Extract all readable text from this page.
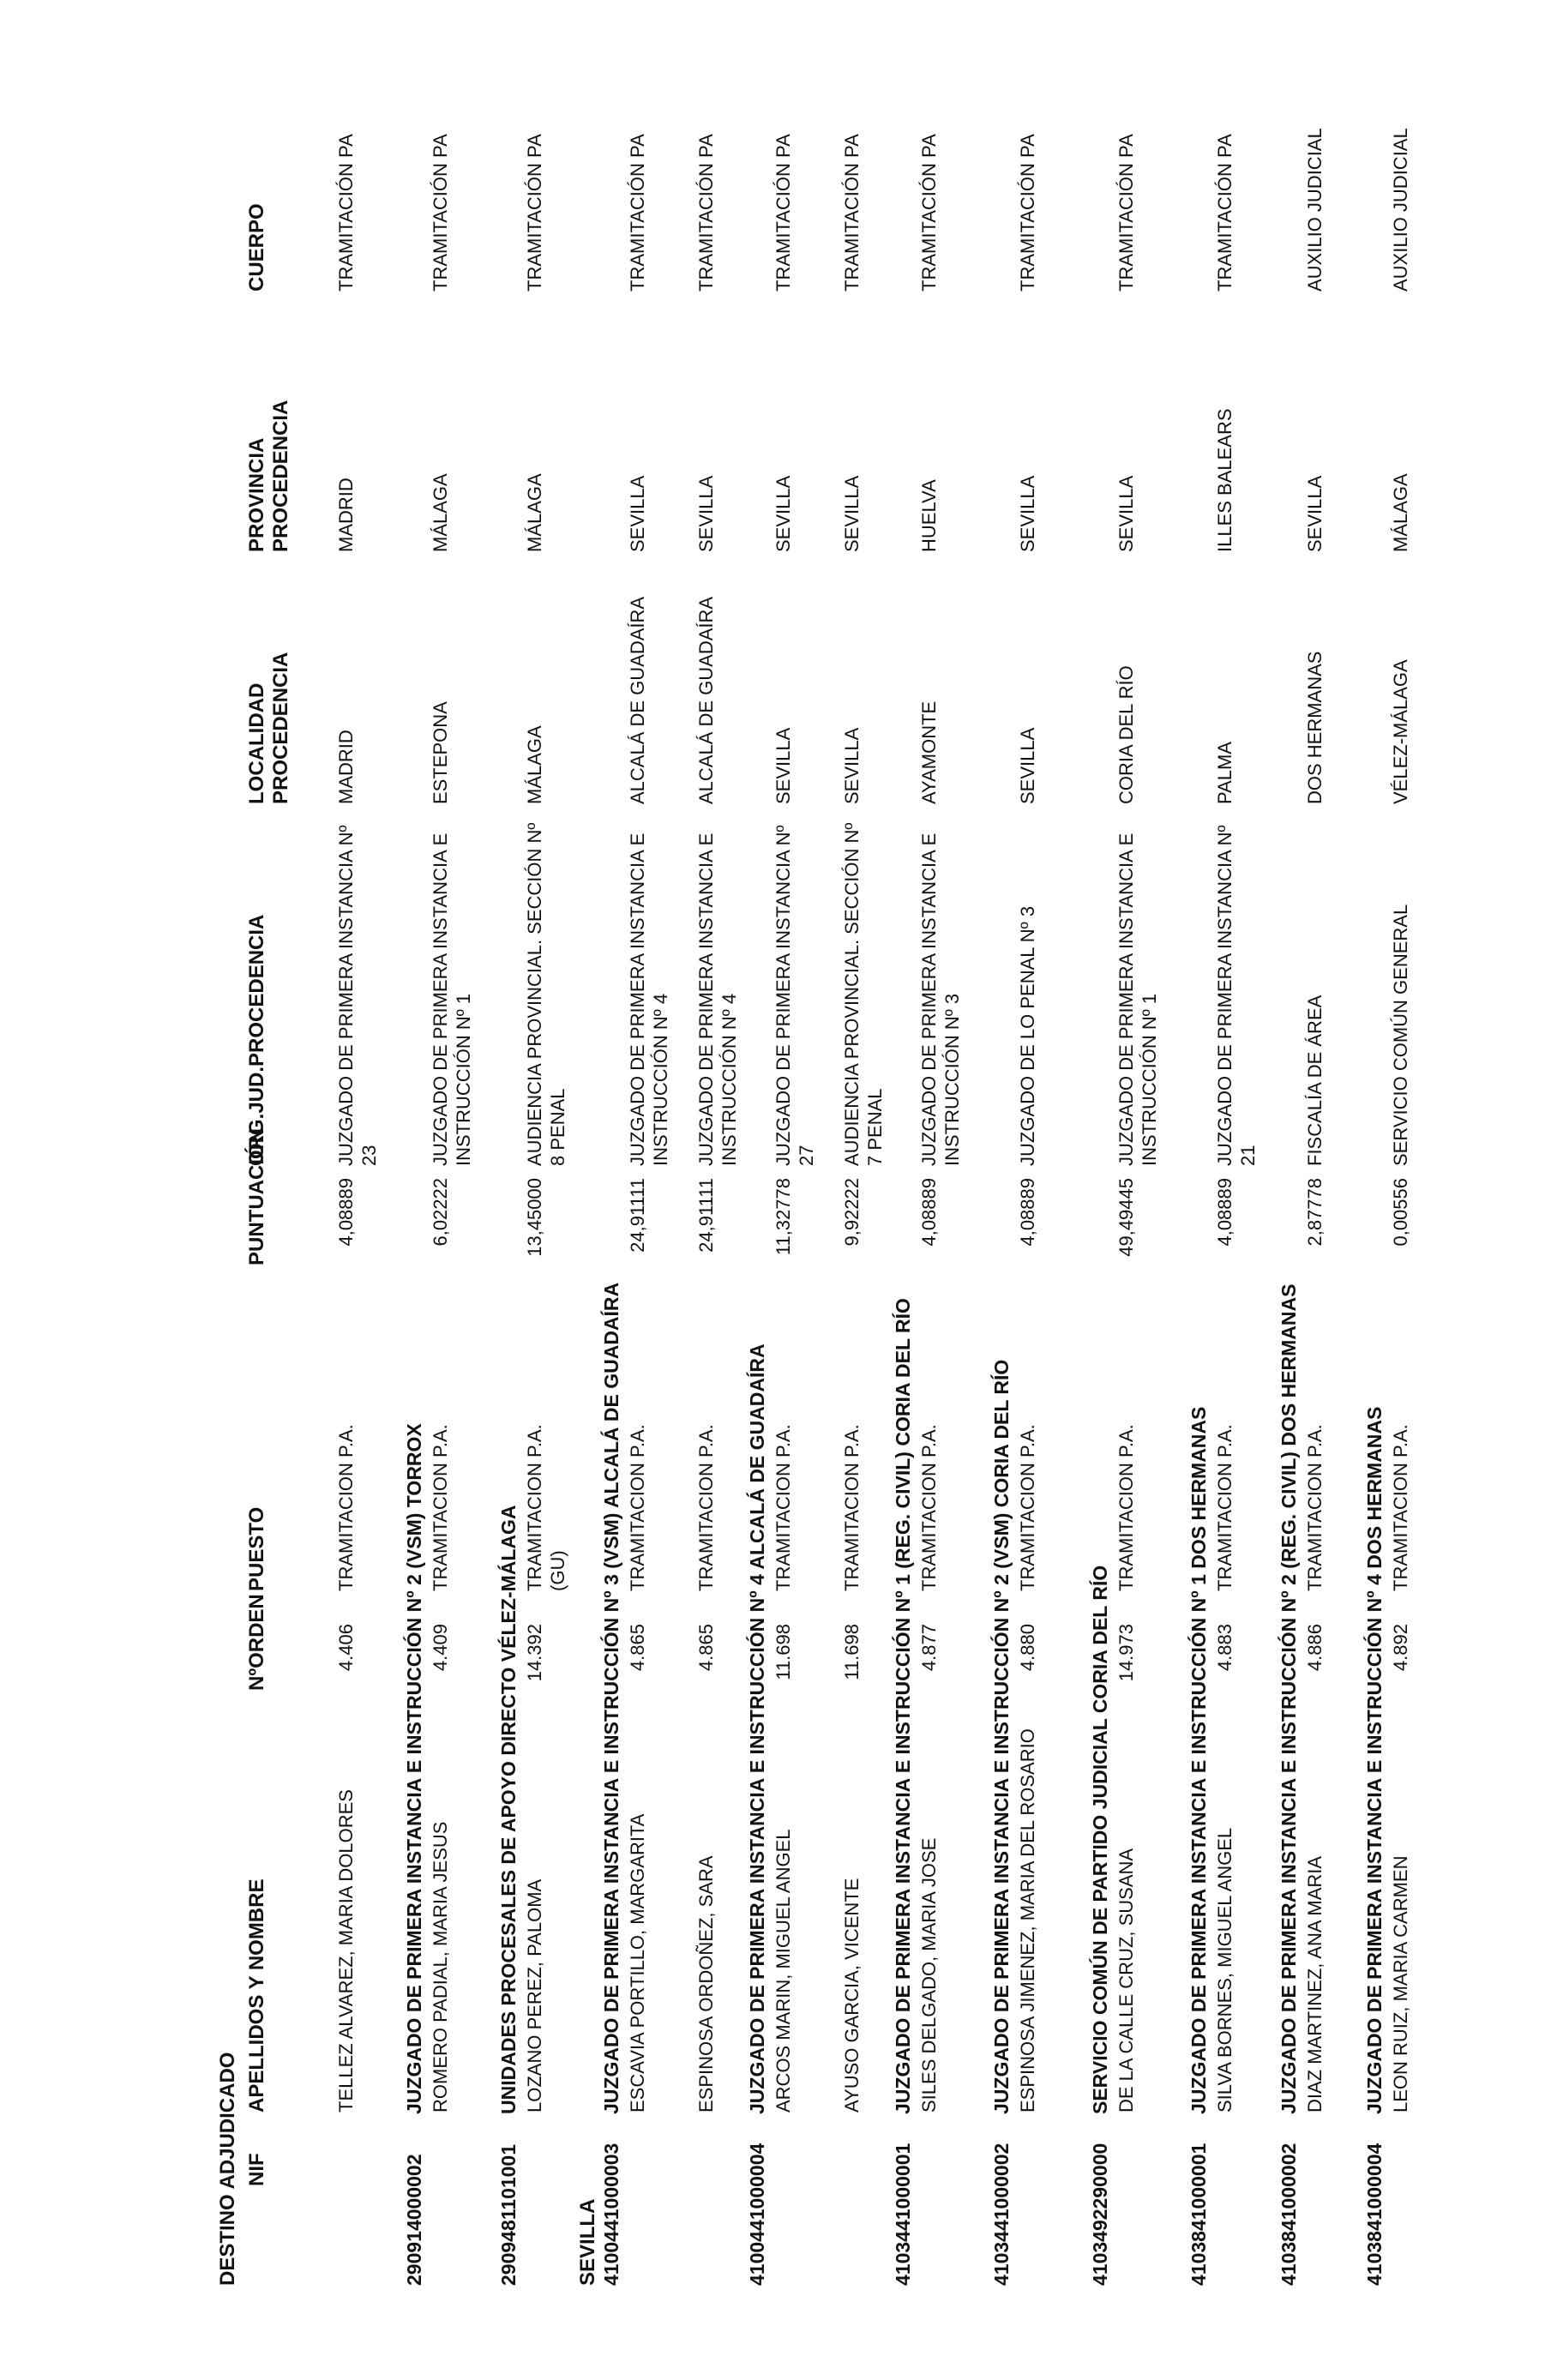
DESTINO ADJUDICADO NIF
APELLIDOS Y NOMBRE
NºORDEN
PUESTO
PUNTUACIÓN
ORG.JUD.PROCEDENCIA
LOCALIDAD PROCEDENCIA
PROVINCIA PROCEDENCIA
CUERPO
SEVILLA
TELLEZ ALVAREZ, MARIA DOLORES
4.406
TRAMITACION P.A.
4,08889
JUZGADO DE PRIMERA INSTANCIA Nº 23
MADRID
MADRID
TRAMITACIÓN PA
290914000002JUZGADO DE PRIMERA INSTANCIA E INSTRUCCIÓN Nº 2 (VSM) TORROX ROMERO PADIAL, MARIA JESUS
4.409
TRAMITACION P.A.
6,02222
JUZGADO DE PRIMERA INSTANCIA E INSTRUCCIÓN Nº 1
ESTEPONA
MÁLAGA
TRAMITACIÓN PA
2909481101001UNIDADES PROCESALES DE APOYO DIRECTO VÉLEZ-MÁLAGA LOZANO PEREZ, PALOMA
14.392
TRAMITACION P.A. (GU)
13,45000
AUDIENCIA PROVINCIAL. SECCIÓN Nº 8 PENAL
MÁLAGA
MÁLAGA
TRAMITACIÓN PA
4100441000003JUZGADO DE PRIMERA INSTANCIA E INSTRUCCIÓN Nº 3 (VSM) ALCALÁ DE GUADAÍRA ESCAVIA PORTILLO, MARGARITA
4.865
TRAMITACION P.A.
24,91111
JUZGADO DE PRIMERA INSTANCIA E INSTRUCCIÓN Nº 4
ALCALÁ DE GUADAÍRA
SEVILLA
TRAMITACIÓN PA
ESPINOSA ORDOÑEZ, SARA
4.865
TRAMITACION P.A.
24,91111
JUZGADO DE PRIMERA INSTANCIA E INSTRUCCIÓN Nº 4
ALCALÁ DE GUADAÍRA
SEVILLA
TRAMITACIÓN PA
4100441000004JUZGADO DE PRIMERA INSTANCIA E INSTRUCCIÓN Nº 4 ALCALÁ DE GUADAÍRA ARCOS MARIN, MIGUEL ANGEL
11.698
TRAMITACION P.A.
11,32778
JUZGADO DE PRIMERA INSTANCIA Nº 27
SEVILLA
SEVILLA
TRAMITACIÓN PA
AYUSO GARCIA, VICENTE
11.698
TRAMITACION P.A.
9,92222
AUDIENCIA PROVINCIAL. SECCIÓN Nº 7 PENAL
SEVILLA
SEVILLA
TRAMITACIÓN PA
4103441000001JUZGADO DE PRIMERA INSTANCIA E INSTRUCCIÓN Nº 1 (REG. CIVIL) CORIA DEL RÍO SILES DELGADO, MARIA JOSE
4.877
TRAMITACION P.A.
4,08889
JUZGADO DE PRIMERA INSTANCIA E INSTRUCCIÓN Nº 3
AYAMONTE
HUELVA
TRAMITACIÓN PA
4103441000002JUZGADO DE PRIMERA INSTANCIA E INSTRUCCIÓN Nº 2 (VSM) CORIA DEL RÍO ESPINOSA JIMENEZ, MARIA DEL ROSARIO
4.880
TRAMITACION P.A.
4,08889
JUZGADO DE LO PENAL Nº 3
SEVILLA
SEVILLA
TRAMITACIÓN PA
4103492290000SERVICIO COMÚN DE PARTIDO JUDICIAL CORIA DEL RÍO DE LA CALLE CRUZ, SUSANA
14.973
TRAMITACION P.A.
49,49445
JUZGADO DE PRIMERA INSTANCIA E INSTRUCCIÓN Nº 1
CORIA DEL RÍO
SEVILLA
TRAMITACIÓN PA
4103841000001JUZGADO DE PRIMERA INSTANCIA E INSTRUCCIÓN Nº 1 DOS HERMANAS SILVA BORNES, MIGUEL ANGEL
4.883
TRAMITACION P.A.
4,08889
JUZGADO DE PRIMERA INSTANCIA Nº 21
PALMA
ILLES BALEARS
TRAMITACIÓN PA
4103841000002JUZGADO DE PRIMERA INSTANCIA E INSTRUCCIÓN Nº 2 (REG. CIVIL) DOS HERMANAS DIAZ MARTINEZ, ANA MARIA
4.886
TRAMITACION P.A.
2,87778
FISCALÍA DE ÁREA
DOS HERMANAS
SEVILLA
AUXILIO JUDICIAL
4103841000004JUZGADO DE PRIMERA INSTANCIA E INSTRUCCIÓN Nº 4 DOS HERMANAS LEON RUIZ, MARIA CARMEN
4.892
TRAMITACION P.A.
0,00556
SERVICIO COMÚN GENERAL
VÉLEZ-MÁLAGA
MÁLAGA
AUXILIO JUDICIAL
